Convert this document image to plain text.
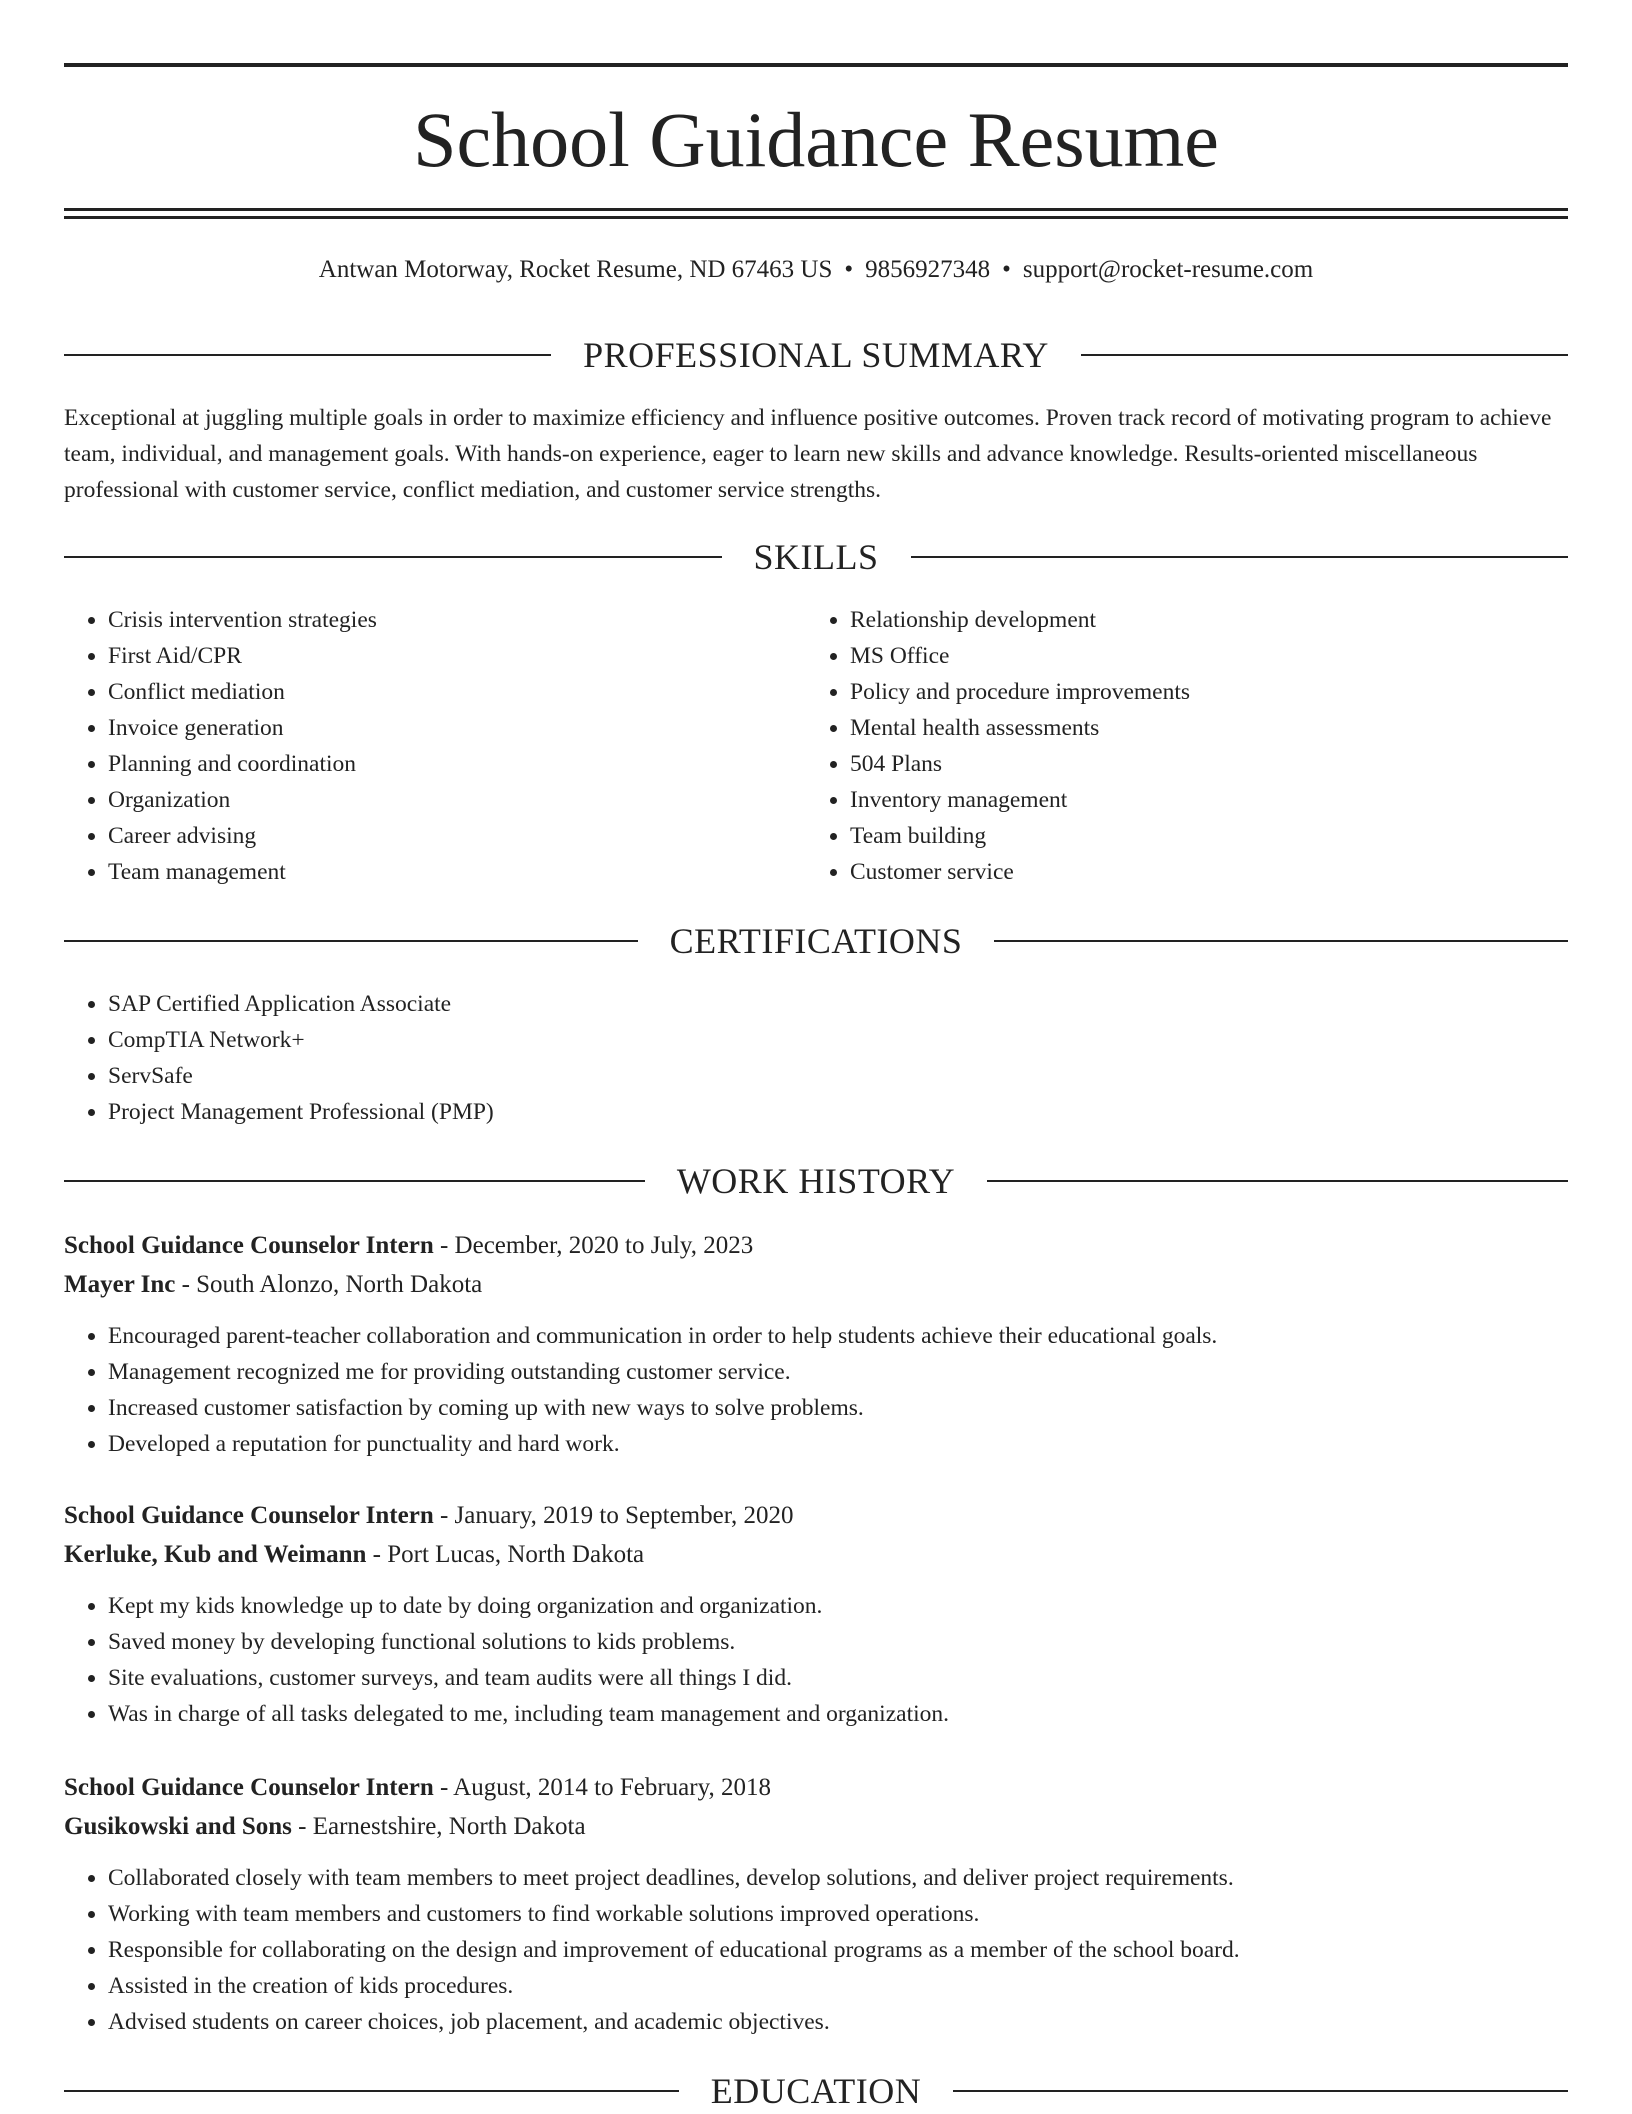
School Guidance Resume
Antwan Motorway, Rocket Resume, ND 67463 US • 9856927348 • support@rocket-resume.com
PROFESSIONAL SUMMARY

Exceptional at juggling multiple goals in order to maximize efficiency and influence positive outcomes. Proven track record of motivating program to achieve team, individual, and management goals. With hands-on experience, eager to learn new skills and advance knowledge. Results-oriented miscellaneous professional with customer service, conflict mediation, and customer service strengths.

SKILLS
• Crisis intervention strategies
• First Aid/CPR
• Conflict mediation
• Invoice generation
• Planning and coordination
• Organization
• Career advising
• Team management
• Relationship development
• MS Office
• Policy and procedure improvements
• Mental health assessments
• 504 Plans
• Inventory management
• Team building
• Customer service
CERTIFICATIONS
• SAP Certified Application Associate
• CompTIA Network+
• ServSafe
• Project Management Professional (PMP)
WORK HISTORY
School Guidance Counselor Intern - December, 2020 to July, 2023
Mayer Inc - South Alonzo, North Dakota
• Encouraged parent-teacher collaboration and communication in order to help students achieve their educational goals.
• Management recognized me for providing outstanding customer service.
• Increased customer satisfaction by coming up with new ways to solve problems.
• Developed a reputation for punctuality and hard work.
School Guidance Counselor Intern - January, 2019 to September, 2020
Kerluke, Kub and Weimann - Port Lucas, North Dakota
• Kept my kids knowledge up to date by doing organization and organization.
• Saved money by developing functional solutions to kids problems.
• Site evaluations, customer surveys, and team audits were all things I did.
• Was in charge of all tasks delegated to me, including team management and organization.
School Guidance Counselor Intern - August, 2014 to February, 2018
Gusikowski and Sons - Earnestshire, North Dakota
• Collaborated closely with team members to meet project deadlines, develop solutions, and deliver project requirements.
• Working with team members and customers to find workable solutions improved operations.
• Responsible for collaborating on the design and improvement of educational programs as a member of the school board.
• Assisted in the creation of kids procedures.
• Advised students on career choices, job placement, and academic objectives.
EDUCATION
